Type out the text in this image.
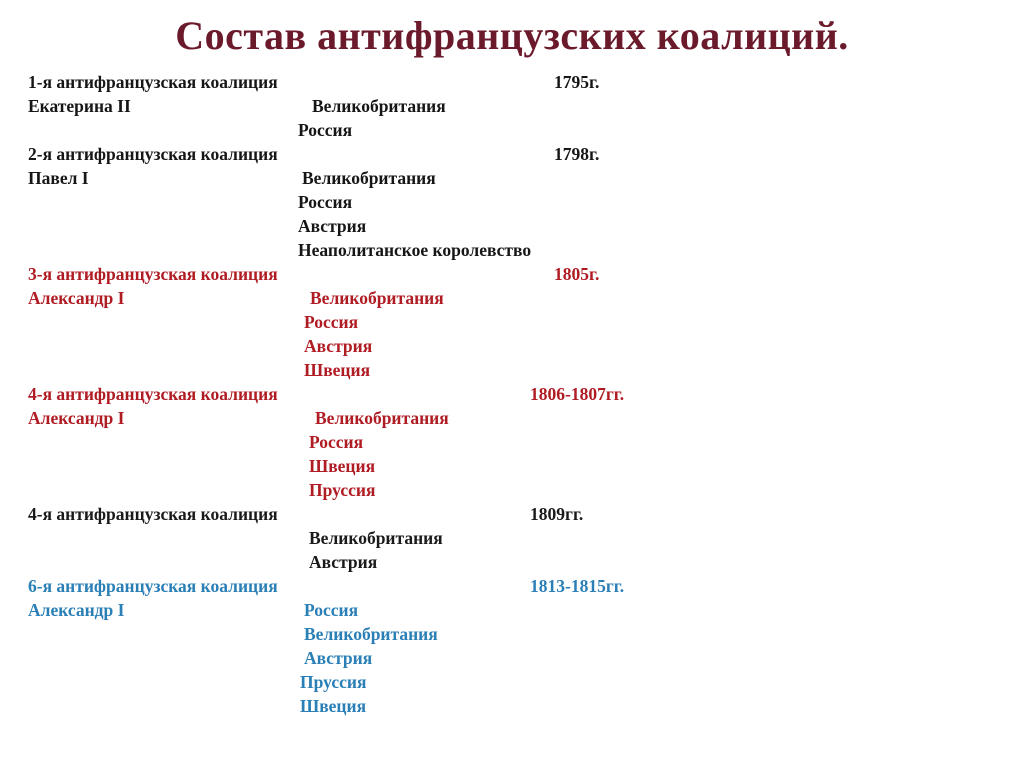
Состав антифранцузских коалиций.
1-я антифранцузская коалиция	1795г.
Екатерина II	Великобритания
Россия
2-я антифранцузская коалиция	1798г.
Павел I	Великобритания
Россия
Австрия
Неаполитанское королевство
3-я антифранцузская коалиция	1805г.
Александр I	Великобритания
Россия
Австрия
Швеция
4-я антифранцузская коалиция	1806-1807гг.
Александр I	Великобритания
Россия
Швеция
Пруссия
4-я антифранцузская коалиция	1809гг.
Великобритания
Австрия
6-я антифранцузская коалиция	1813-1815гг.
Александр I	Россия
Великобритания
Австрия
Пруссия
Швеция
